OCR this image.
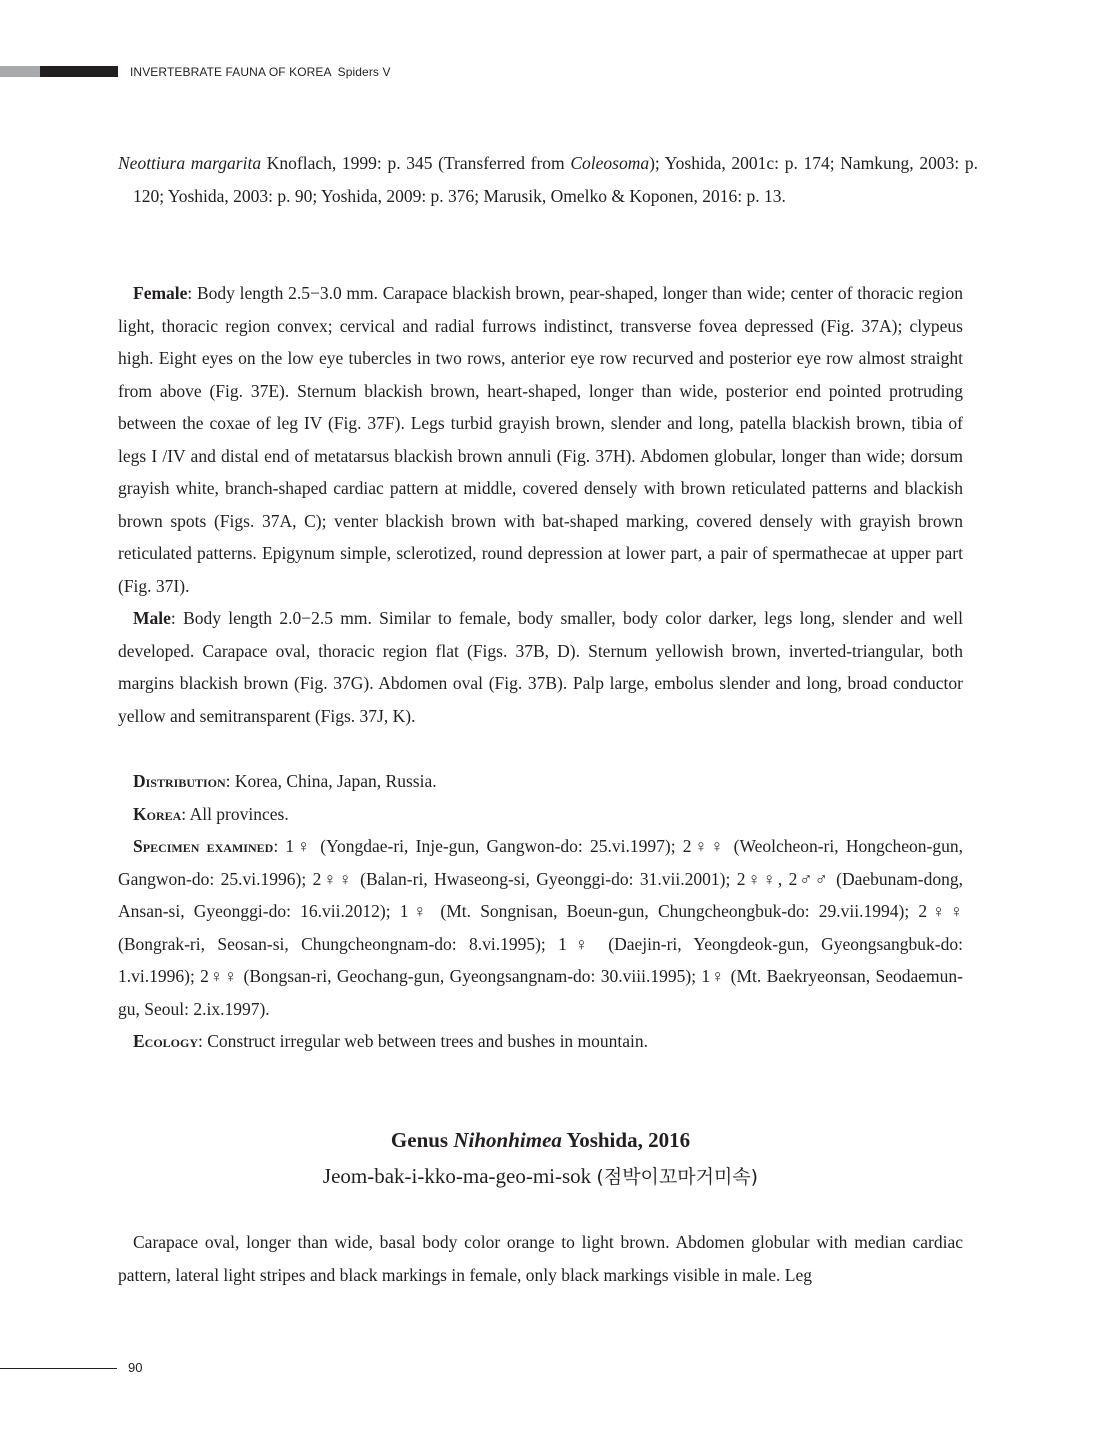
INVERTEBRATE FAUNA OF KOREA Spiders V
Neottiura margarita Knoflach, 1999: p. 345 (Transferred from Coleosoma); Yoshida, 2001c: p. 174; Namkung, 2003: p. 120; Yoshida, 2003: p. 90; Yoshida, 2009: p. 376; Marusik, Omelko & Koponen, 2016: p. 13.

Female: Body length 2.5−3.0 mm. Carapace blackish brown, pear-shaped, longer than wide; center of thoracic region light, thoracic region convex; cervical and radial furrows indistinct, transverse fovea depressed (Fig. 37A); clypeus high. Eight eyes on the low eye tubercles in two rows, anterior eye row recurved and posterior eye row almost straight from above (Fig. 37E). Sternum blackish brown, heart-shaped, longer than wide, posterior end pointed protruding between the coxae of leg IV (Fig. 37F). Legs turbid grayish brown, slender and long, patella blackish brown, tibia of legs I /IV and distal end of metatarsus blackish brown annuli (Fig. 37H). Abdomen globular, longer than wide; dorsum grayish white, branch-shaped cardiac pattern at middle, covered densely with brown reticulated patterns and blackish brown spots (Figs. 37A, C); venter blackish brown with bat-shaped marking, covered densely with grayish brown reticulated patterns. Epigynum simple, sclerotized, round depression at lower part, a pair of spermathecae at upper part (Fig. 37I).

Male: Body length 2.0−2.5 mm. Similar to female, body smaller, body color darker, legs long, slender and well developed. Carapace oval, thoracic region flat (Figs. 37B, D). Sternum yellowish brown, inverted-triangular, both margins blackish brown (Fig. 37G). Abdomen oval (Fig. 37B). Palp large, embolus slender and long, broad conductor yellow and semitransparent (Figs. 37J, K).

Distribution: Korea, China, Japan, Russia.

Korea: All provinces.

Specimen examined: 1♀ (Yongdae-ri, Inje-gun, Gangwon-do: 25.vi.1997); 2♀♀ (Weolcheon-ri, Hongcheon-gun, Gangwon-do: 25.vi.1996); 2♀♀ (Balan-ri, Hwaseong-si, Gyeonggi-do: 31.vii.2001); 2♀♀, 2♂♂ (Daebunam-dong, Ansan-si, Gyeonggi-do: 16.vii.2012); 1♀ (Mt. Songnisan, Boeun-gun, Chungcheongbuk-do: 29.vii.1994); 2♀♀ (Bongrak-ri, Seosan-si, Chungcheongnam-do: 8.vi.1995); 1♀ (Daejin-ri, Yeongdeok-gun, Gyeongsangbuk-do: 1.vi.1996); 2♀♀ (Bongsan-ri, Geochang-gun, Gyeongsangnam-do: 30.viii.1995); 1♀ (Mt. Baekryeonsan, Seodaemun-gu, Seoul: 2.ix.1997).

Ecology: Construct irregular web between trees and bushes in mountain.

Genus Nihonhimea Yoshida, 2016
Jeom-bak-i-kko-ma-geo-mi-sok (점박이꼬마거미속)

Carapace oval, longer than wide, basal body color orange to light brown. Abdomen globular with median cardiac pattern, lateral light stripes and black markings in female, only black markings visible in male. Leg

90
